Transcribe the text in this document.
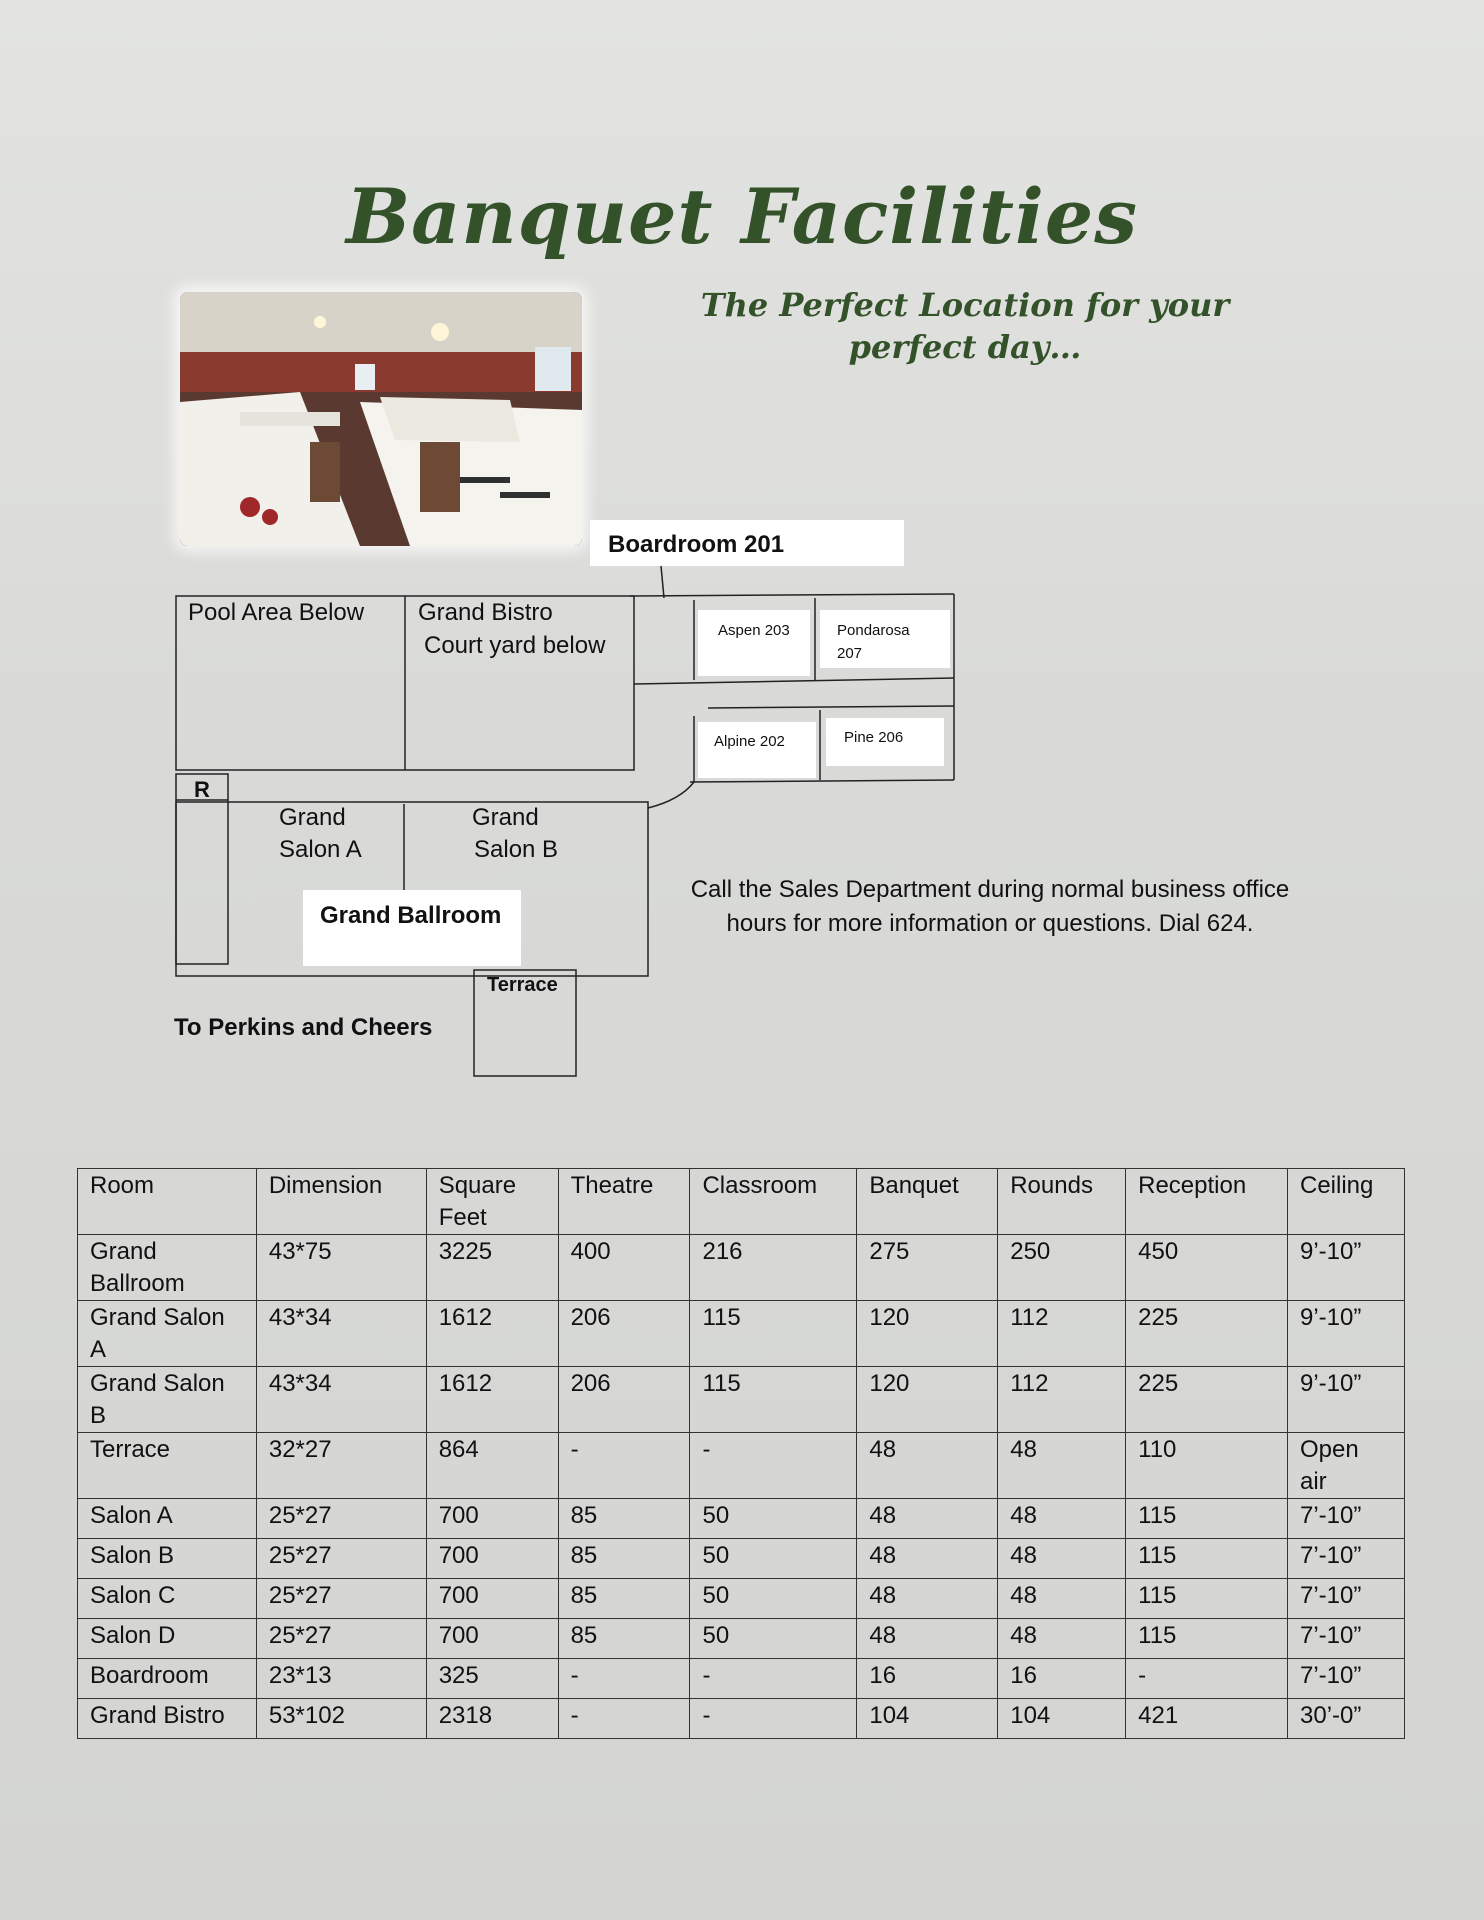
Banquet Facilities
The Perfect Location for your perfect day…
Boardroom 201
Pool Area Below Grand Bistro
Court yard below
Aspen 203	Pondarosa
207
Alpine 202	Pine 206
R
Grand
Salon A
Grand
Salon B
Grand Ballroom
Terrace
To Perkins and Cheers
Call the Sales Department during normal business office
hours for more information or questions. Dial 624.
Room	Dimension	Square Feet	Theatre	Classroom	Banquet	Rounds	Reception	Ceiling
Grand Ballroom	43*75	3225	400	216	275	250	450	9’-10”
Grand Salon A	43*34	1612	206	115	120	112	225	9’-10”
Grand Salon B	43*34	1612	206	115	120	112	225	9’-10”
Terrace	32*27	864	-	-	48	48	110	Open air
Salon A	25*27	700	85	50	48	48	115	7’-10”
Salon B	25*27	700	85	50	48	48	115	7’-10”
Salon C	25*27	700	85	50	48	48	115	7’-10”
Salon D	25*27	700	85	50	48	48	115	7’-10”
Boardroom	23*13	325	-	-	16	16	-	7’-10”
Grand Bistro	53*102	2318	-	-	104	104	421	30’-0”
